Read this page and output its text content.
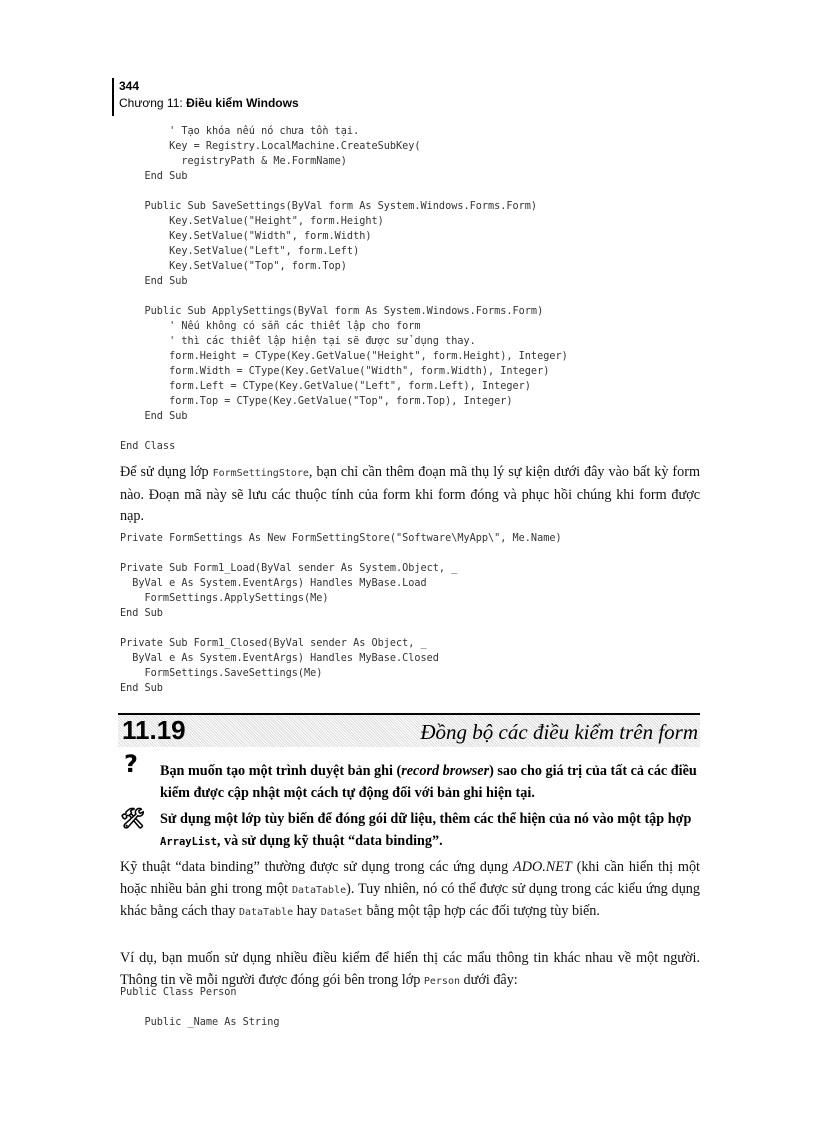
344
Chương 11: Điều kiểm Windows
' Tạo khóa nếu nó chưa tồn tại.
Key = Registry.LocalMachine.CreateSubKey(
registryPath & Me.FormName)
End Sub

Public Sub SaveSettings(ByVal form As System.Windows.Forms.Form)
Key.SetValue("Height", form.Height)
Key.SetValue("Width", form.Width)
Key.SetValue("Left", form.Left)
Key.SetValue("Top", form.Top)
End Sub

Public Sub ApplySettings(ByVal form As System.Windows.Forms.Form)
' Nếu không có sẵn các thiết lập cho form
' thì các thiết lập hiện tại sẽ được sử dụng thay.
form.Height = CType(Key.GetValue("Height", form.Height), Integer)
form.Width = CType(Key.GetValue("Width", form.Width), Integer)
form.Left = CType(Key.GetValue("Left", form.Left), Integer)
form.Top = CType(Key.GetValue("Top", form.Top), Integer)
End Sub

End Class

Để sử dụng lớp FormSettingStore, bạn chỉ cần thêm đoạn mã thụ lý sự kiện dưới đây vào bất kỳ form nào. Đoạn mã này sẽ lưu các thuộc tính của form khi form đóng và phục hồi chúng khi form được nạp.

Private FormSettings As New FormSettingStore("Software\MyApp\", Me.Name)

Private Sub Form1_Load(ByVal sender As System.Object, _
ByVal e As System.EventArgs) Handles MyBase.Load
FormSettings.ApplySettings(Me)
End Sub

Private Sub Form1_Closed(ByVal sender As Object, _
ByVal e As System.EventArgs) Handles MyBase.Closed
FormSettings.SaveSettings(Me)
End Sub
11.19	Đồng bộ các điều kiểm trên form
? Bạn muốn tạo một trình duyệt bản ghi (record browser) sao cho giá trị của tất cả các điều kiểm được cập nhật một cách tự động đối với bản ghi hiện tại.

🛠 Sử dụng một lớp tùy biến để đóng gói dữ liệu, thêm các thể hiện của nó vào một tập hợp ArrayList, và sử dụng kỹ thuật “data binding”.

Kỹ thuật “data binding” thường được sử dụng trong các ứng dụng ADO.NET (khi cần hiển thị một hoặc nhiều bản ghi trong một DataTable). Tuy nhiên, nó có thể được sử dụng trong các kiểu ứng dụng khác bằng cách thay DataTable hay DataSet bằng một tập hợp các đối tượng tùy biến.

Ví dụ, bạn muốn sử dụng nhiều điều kiểm để hiển thị các mẩu thông tin khác nhau về một người. Thông tin về mỗi người được đóng gói bên trong lớp Person dưới đây:

Public Class Person

Public _Name As String
